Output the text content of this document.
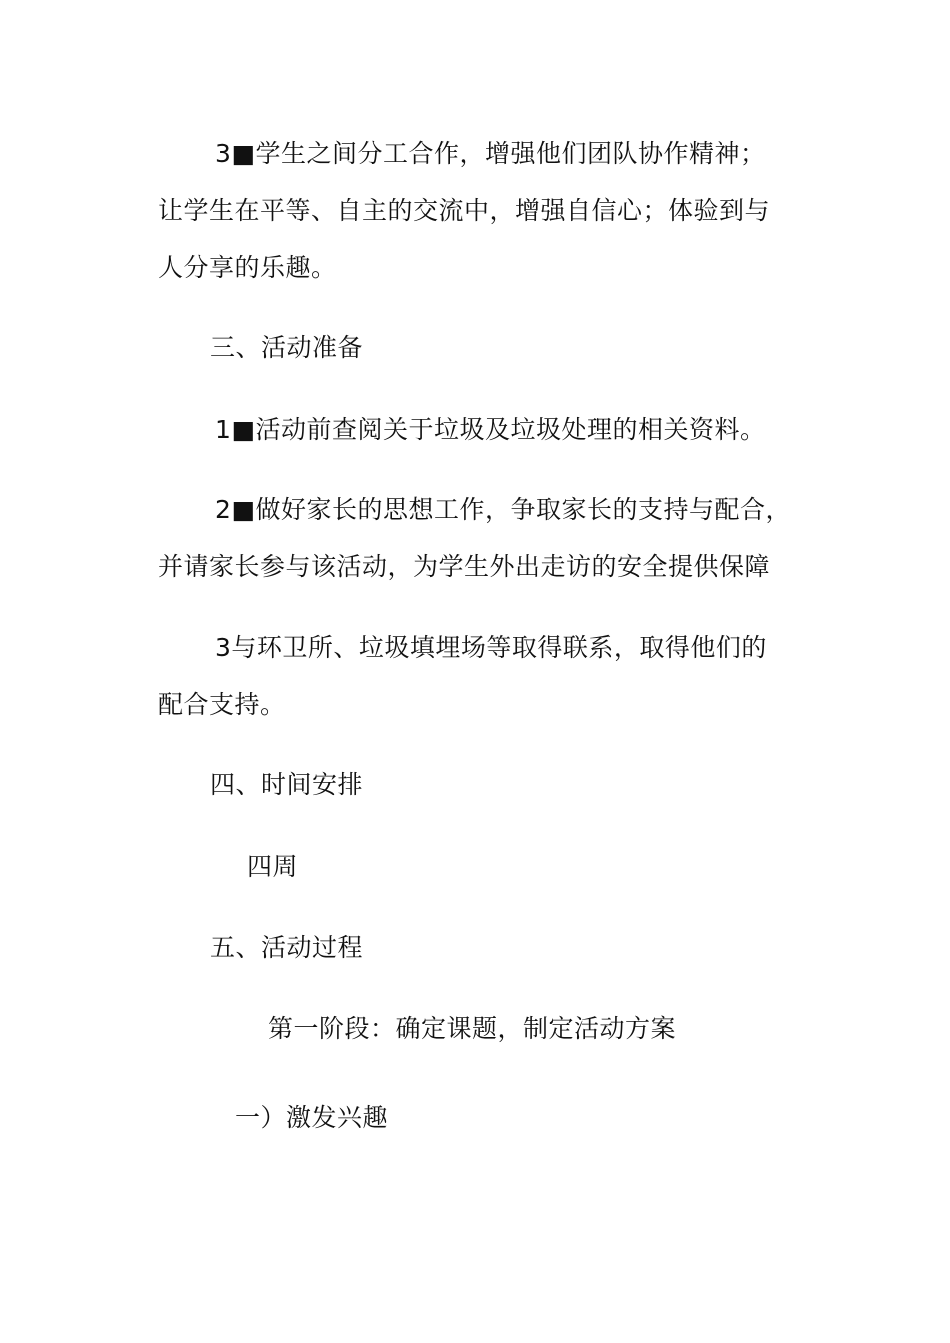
3■学生之间分工合作，增强他们团队协作精神；
让学生在平等、自主的交流中，增强自信心；体验到与
人分享的乐趣。
三、活动准备
1■活动前查阅关于垃圾及垃圾处理的相关资料。
2■做好家长的思想工作，争取家长的支持与配合，
并请家长参与该活动，为学生外出走访的安全提供保障
3与环卫所、垃圾填埋场等取得联系，取得他们的
配合支持。
四、时间安排
四周
五、活动过程
第一阶段：确定课题，制定活动方案
一）激发兴趣
